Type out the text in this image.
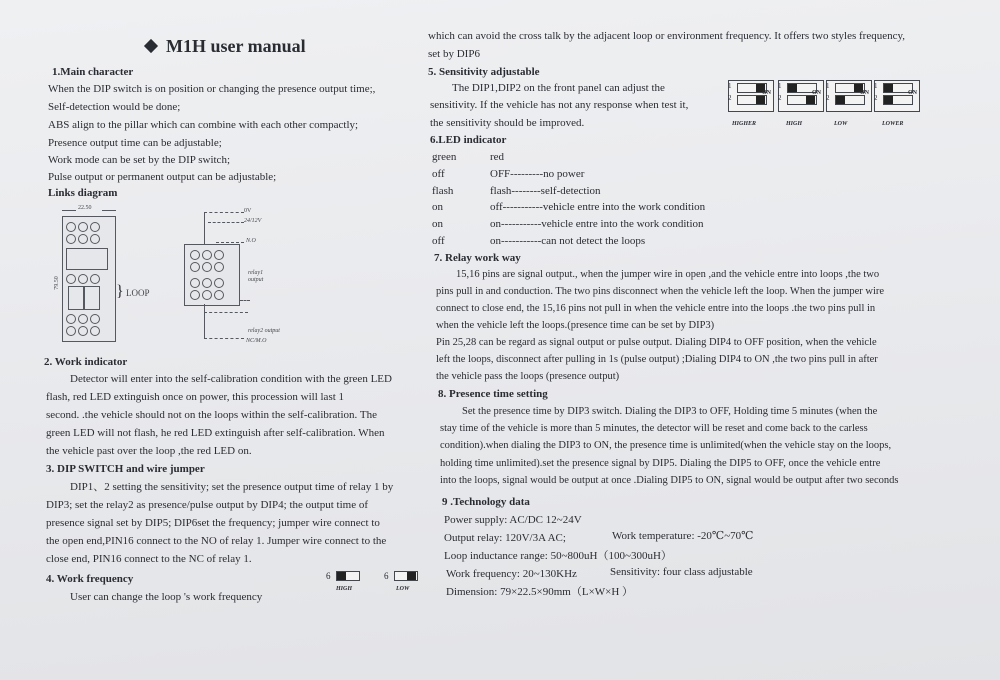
M1H user manual
1.Main character
When the DIP switch is on position or changing the presence output time;,
Self-detection would be done;
ABS align to the pillar which can combine with each other compactly;
Presence output time can be adjustable;
Work mode can be set by the DIP switch;
Pulse output or permanent output can be adjustable;
Links diagram
22.50
79.50	} LOOP
0V
24/12V
N.O
relay1 output
relay2 output
NC/M.O
2. Work indicator
Detector will enter into the self-calibration condition with the green LED
flash, red LED extinguish once on power, this procession will last 1
second. .the vehicle should not on the loops within the self-calibration. The
green LED will not flash, he red LED extinguish after self-calibration. When
the vehicle past over the loop ,the red LED on.
3. DIP SWITCH and wire jumper
DIP1、2 setting the sensitivity; set the presence output time of relay 1 by
DIP3; set the relay2 as presence/pulse output by DIP4; the output time of
presence signal set by DIP5; DIP6set the frequency; jumper wire connect to
the open end,PIN16 connect to the NO of relay 1. Jumper wire connect to the
close end, PIN16 connect to the NC of relay 1.
4. Work frequency
User can change the loop 's work frequency
6
HIGH
6
LOW
which can avoid the cross talk by the adjacent loop or environment frequency. It offers two styles frequency,
set by DIP6
5. Sensitivity adjustable
The DIP1,DIP2 on the front panel can adjust the
sensitivity. If the vehicle has not any response when test it,
the sensitivity should be improved.
1
2
ON
HIGHER
1
2
ON
HIGH
1
2
ON
LOW
1
2
ON
LOWER
6.LED indicator
green	red
off	OFF---------no power
flash	flash--------self-detection
on	off-----------vehicle entre into the work condition
on	on-----------vehicle entre into the work condition
off	on-----------can not detect the loops
7. Relay work way
15,16 pins are signal output., when the jumper wire in open ,and the vehicle entre into loops ,the two
pins pull in and conduction. The two pins disconnect when the vehicle left the loop. When the jumper wire
connect to close end, the 15,16 pins not pull in when the vehicle entre into the loops .the two pins pull in
when the vehicle left the loops.(presence time can be set by DIP3)
Pin 25,28 can be regard as signal output or pulse output. Dialing DIP4 to OFF position, when the vehicle
left the loops, disconnect after pulling in 1s (pulse output) ;Dialing DIP4 to ON ,the two pins pull in after
the vehicle pass the loops (presence output)
8. Presence time setting
Set the presence time by DIP3 switch. Dialing the DIP3 to OFF, Holding time 5 minutes (when the
stay time of the vehicle is more than 5 minutes, the detector will be reset and come back to the carless
condition).when dialing the DIP3 to ON, the presence time is unlimited(when the vehicle stay on the loops,
holding time unlimited).set the presence signal by DIP5. Dialing the DIP5 to OFF, once the vehicle entre
into the loops, signal would be output at once .Dialing DIP5 to ON, signal would be output after two seconds
9 .Technology data
Power supply: AC/DC 12~24V
Output relay: 120V/3A AC;	Work temperature: -20℃~70℃
Loop inductance range: 50~800uH（100~300uH）
Work frequency: 20~130KHz	Sensitivity: four class adjustable
Dimension: 79×22.5×90mm（L×W×H ）
